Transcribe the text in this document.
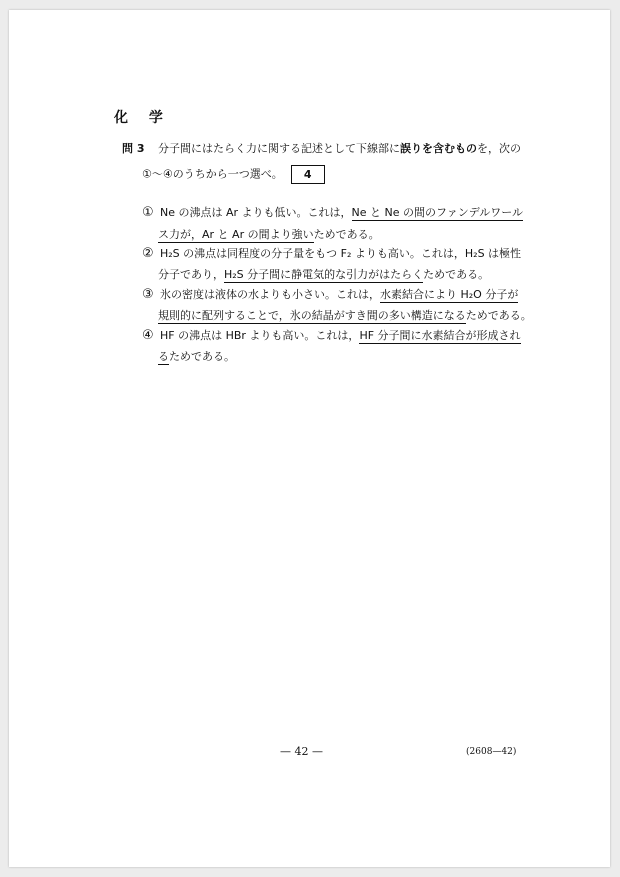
化 学
問 3 分子間にはたらく力に関する記述として下線部に誤りを含むものを，次の
①〜④のうちから一つ選べ。 4
① Ne の沸点は Ar よりも低い。これは，Ne と Ne の間のファンデルワール
ス力が，Ar と Ar の間より強いためである。
② H₂S の沸点は同程度の分子量をもつ F₂ よりも高い。これは，H₂S は極性
分子であり，H₂S 分子間に静電気的な引力がはたらくためである。
③ 氷の密度は液体の水よりも小さい。これは，水素結合により H₂O 分子が
規則的に配列することで，氷の結晶がすき間の多い構造になるためである。
④ HF の沸点は HBr よりも高い。これは，HF 分子間に水素結合が形成され
るためである。
— 42 —	(2608—42)
